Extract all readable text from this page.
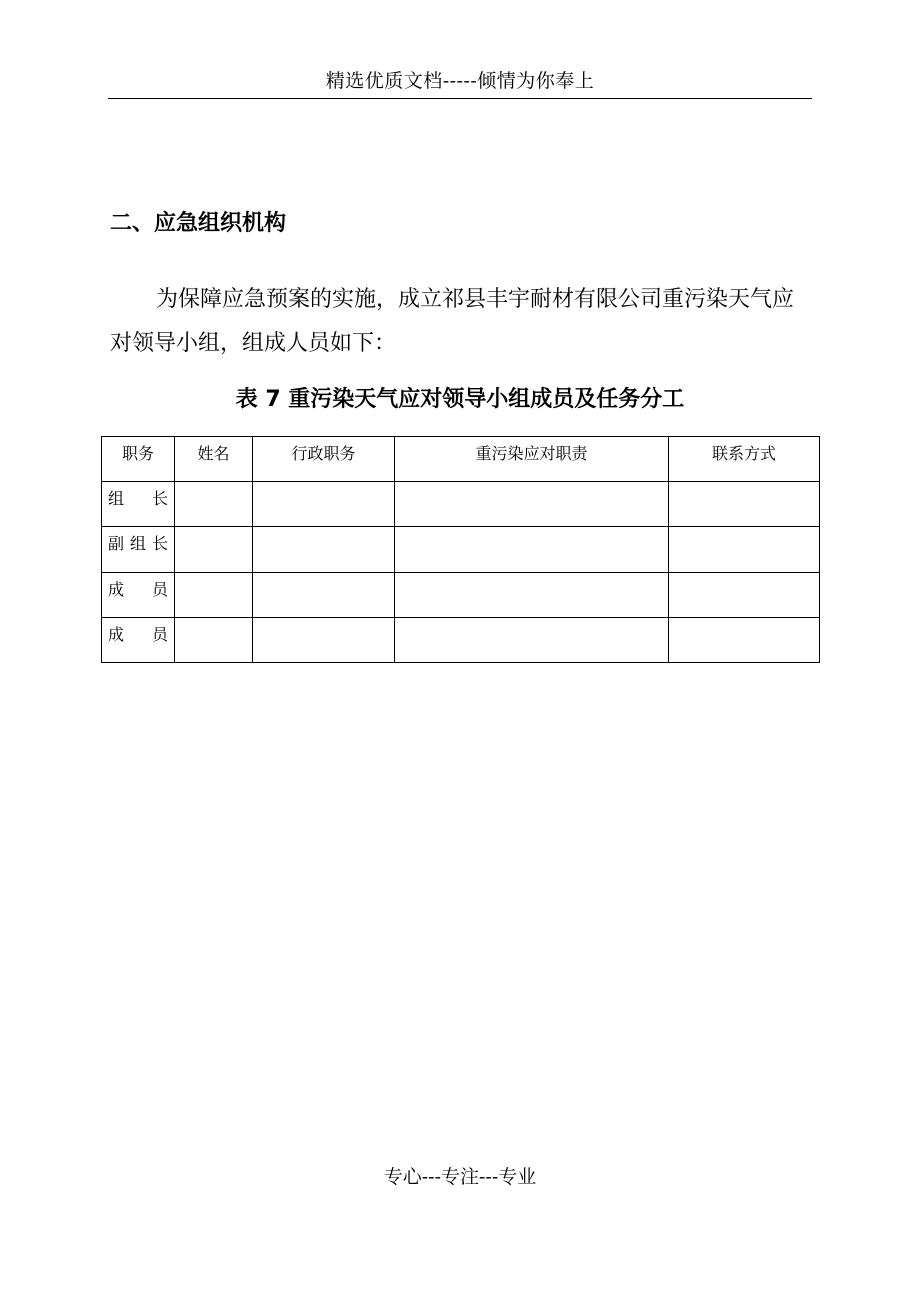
精选优质文档-----倾情为你奉上
二、应急组织机构
为保障应急预案的实施，成立祁县丰宇耐材有限公司重污染天气应对领导小组，组成人员如下：
表 7 重污染天气应对领导小组成员及任务分工
职务	姓名	行政职务	重污染应对职责	联系方式
组 长				
副组长				
成 员				
成 员				
专心---专注---专业
